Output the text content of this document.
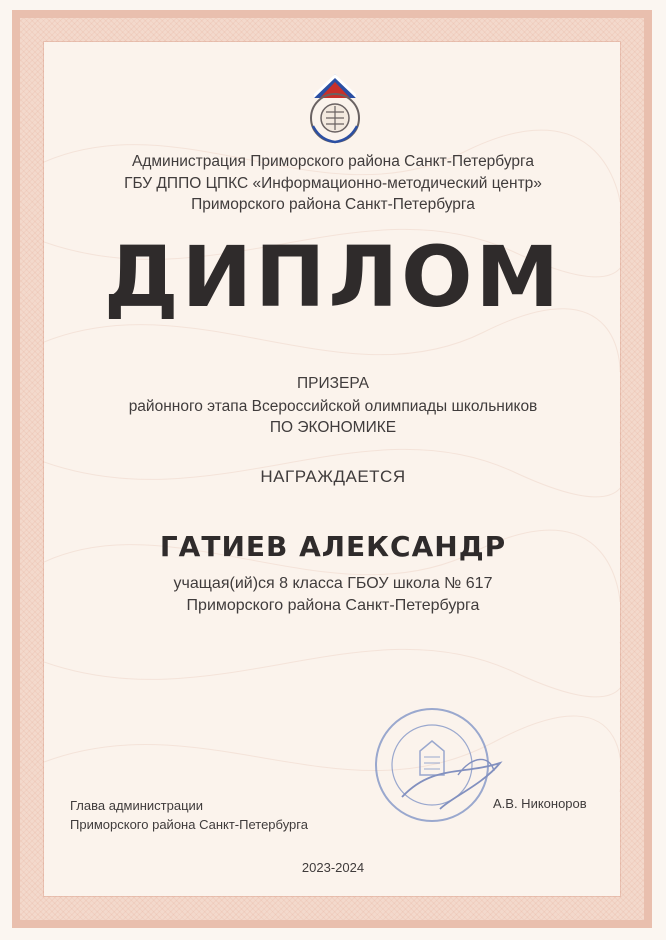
Администрация Приморского района Санкт-Петербурга
ГБУ ДППО ЦПКС «Информационно-методический центр»
Приморского района Санкт-Петербурга
ДИПЛОМ
ПРИЗЕРА
районного этапа Всероссийской олимпиады школьников
ПО ЭКОНОМИКЕ
НАГРАЖДАЕТСЯ
ГАТИЕВ АЛЕКСАНДР
учащая(ий)ся 8 класса ГБОУ школа № 617
Приморского района Санкт-Петербурга
Глава администрации
Приморского района Санкт-Петербурга
А.В. Никоноров
2023-2024
